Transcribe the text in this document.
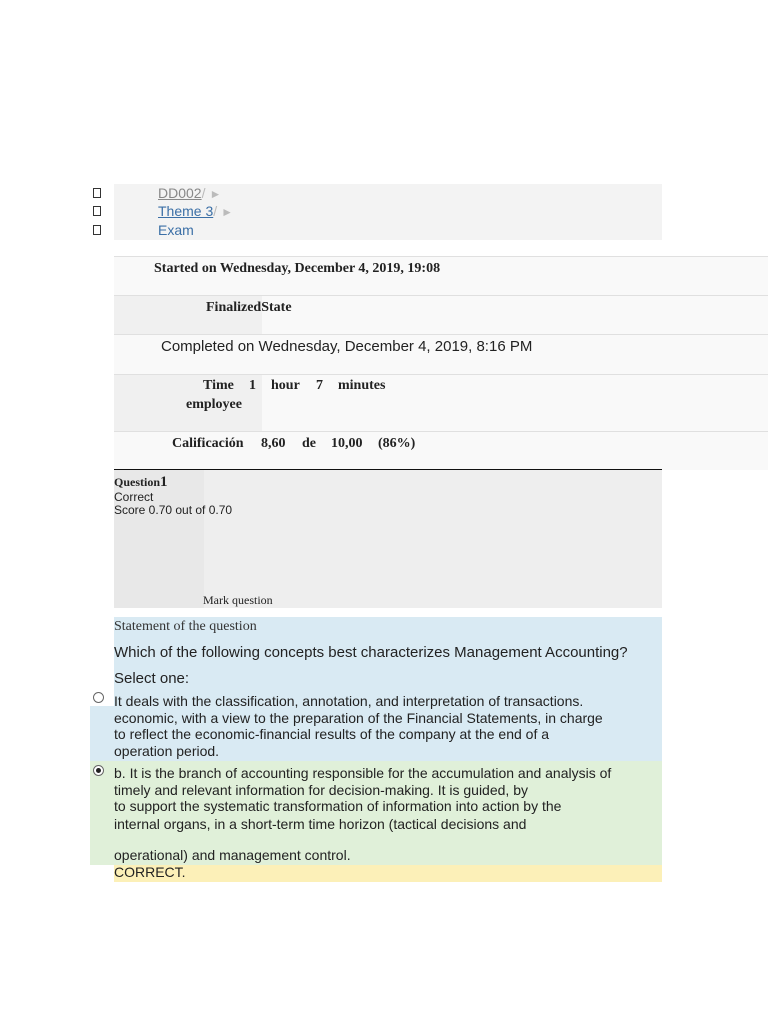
DD002/ ►
Theme 3/ ►
Exam
Started on Wednesday, December 4, 2019, 19:08
FinalizedState
Completed on Wednesday, December 4, 2019, 8:16 PM
Time
employee
1 hour 7 minutes
Calificación 8,60 de 10,00 (86%)
Question1
Correct
Score 0.70 out of 0.70
Mark question
Statement of the question
Which of the following concepts best characterizes Management Accounting?
Select one:
It deals with the classification, annotation, and interpretation of transactions.
economic, with a view to the preparation of the Financial Statements, in charge
to reflect the economic-financial results of the company at the end of a
operation period.
b. It is the branch of accounting responsible for the accumulation and analysis of
timely and relevant information for decision-making. It is guided, by
to support the systematic transformation of information into action by the
internal organs, in a short-term time horizon (tactical decisions and
operational) and management control.
CORRECT.
